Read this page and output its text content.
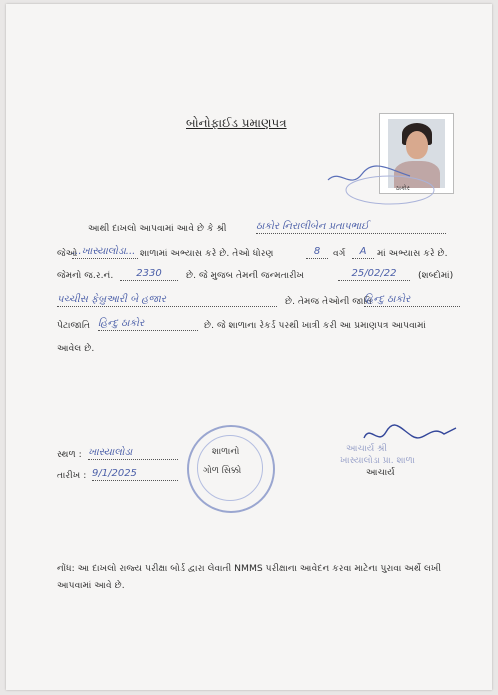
બોનોફાઈડ પ્રમાણપત્ર
ઠાકોર
આથી દાખલો આપવામાં આવે છે કે શ્રી	ઠાકોર નિરાલીબેન પ્રતાપભાઈ
જેઓ
...ખાસ્યાલોડા... શાળામાં અભ્યાસ કરે છે. તેઓ ધોરણ	8	વર્ગ	A	માં અભ્યાસ કરે છે.
જેમનો જ.ર.નં.	2330	છે. જે મુજબ તેમની જન્મતારીખ	25/02/22	(શબ્દોમાં)
પચ્ચીસ ફેબ્રુઆરી બે હજાર	છે. તેમજ તેઓની જાતિ
હિન્દુ ઠાકોર
પેટાજાતિ હિન્દુ ઠાકોર	છે. જે શાળાના રેકર્ડ પરથી ખાત્રી કરી આ પ્રમાણપત્ર આપવામાં
આવેલ છે.
સ્થળ : ખાસ્યાલોડા
તારીખ : 9/1/2025
શાળાનો
ગોળ સિક્કો
આચાર્ય શ્રી
ખાસ્યાલોડા પ્રા. શાળા
આચાર્ય
નોંધ: આ દાખલો રાજ્ય પરીક્ષા બોર્ડ દ્વારા લેવાતી NMMS પરીક્ષાના આવેદન કરવા માટેના પુરાવા અર્થે લખી
આપવામાં આવે છે.
